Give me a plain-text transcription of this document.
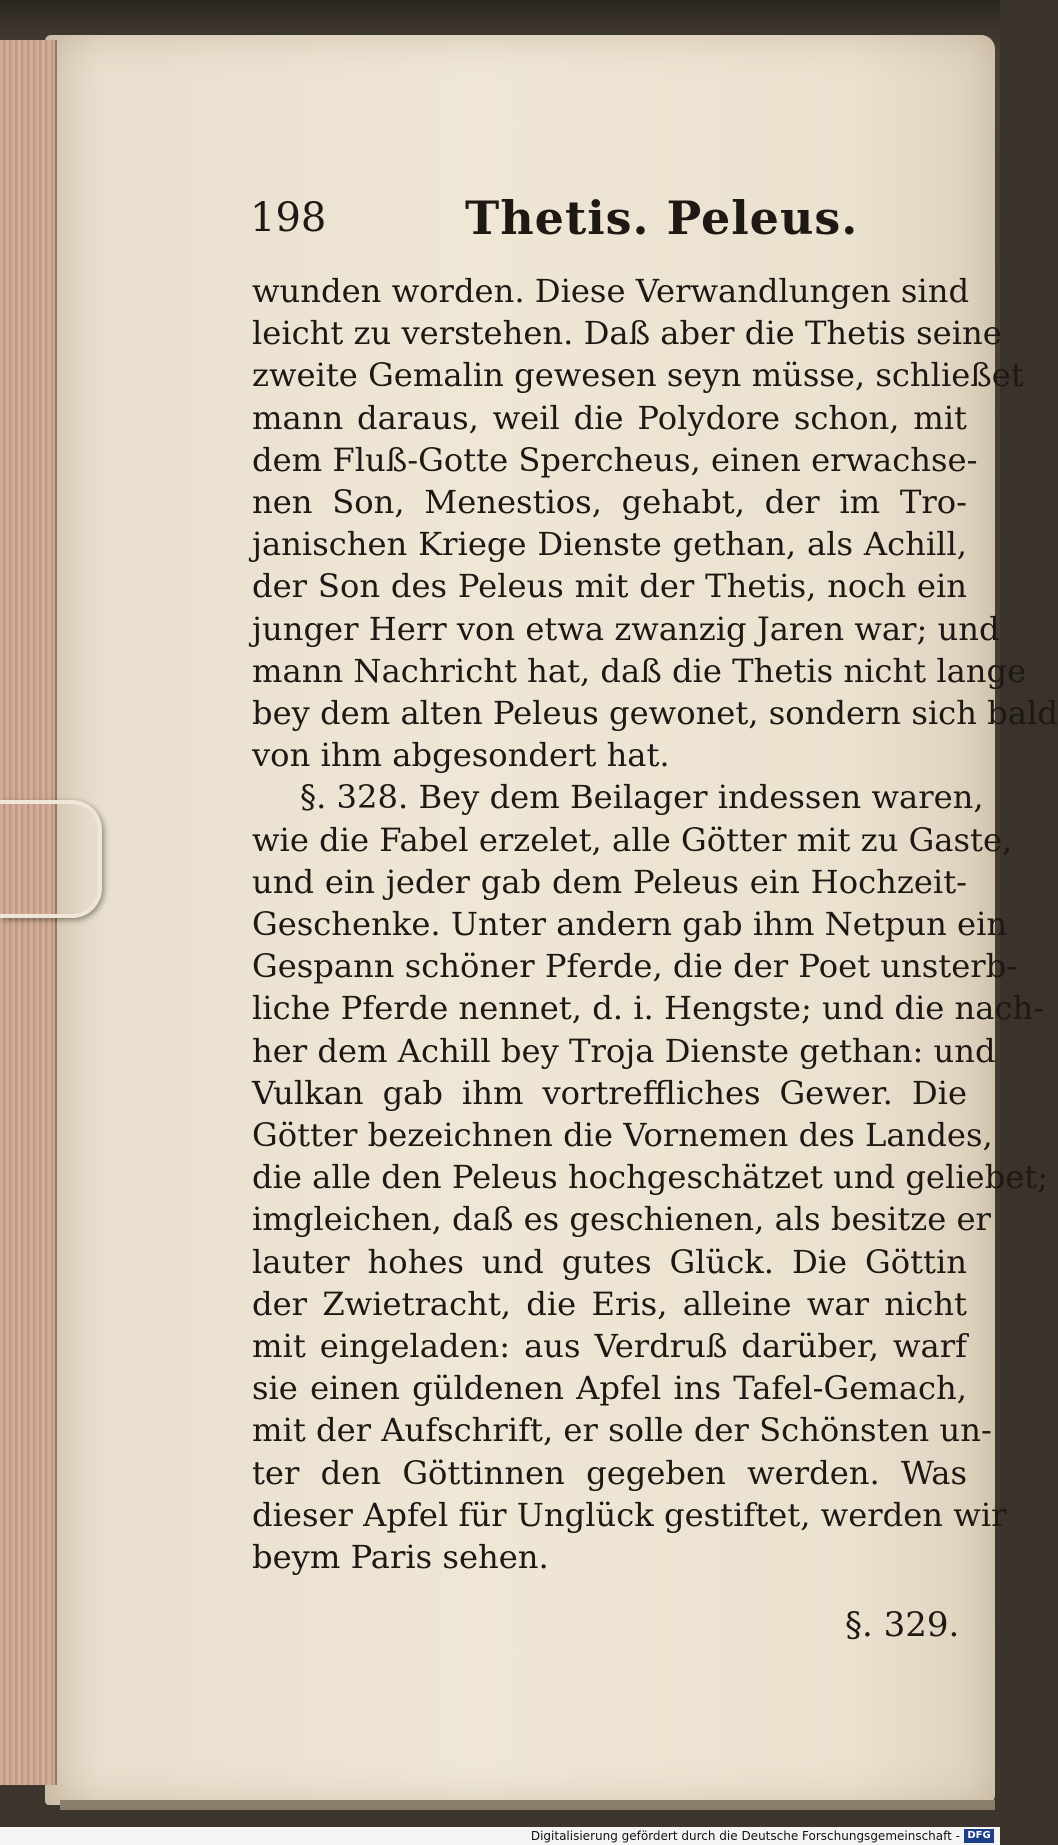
198	Thetis. Peleus.
wunden worden. Diese Verwandlungen sind
leicht zu verstehen. Daß aber die Thetis seine
zweite Gemalin gewesen seyn müsse, schließet
mann daraus, weil die Polydore schon, mit
dem Fluß-Gotte Spercheus, einen erwachse-
nen Son, Menestios, gehabt, der im Tro-
janischen Kriege Dienste gethan, als Achill,
der Son des Peleus mit der Thetis, noch ein
junger Herr von etwa zwanzig Jaren war; und
mann Nachricht hat, daß die Thetis nicht lange
bey dem alten Peleus gewonet, sondern sich bald
von ihm abgesondert hat.
§. 328. Bey dem Beilager indessen waren,
wie die Fabel erzelet, alle Götter mit zu Gaste,
und ein jeder gab dem Peleus ein Hochzeit-
Geschenke. Unter andern gab ihm Netpun ein
Gespann schöner Pferde, die der Poet unsterb-
liche Pferde nennet, d. i. Hengste; und die nach-
her dem Achill bey Troja Dienste gethan: und
Vulkan gab ihm vortreffliches Gewer. Die
Götter bezeichnen die Vornemen des Landes,
die alle den Peleus hochgeschätzet und geliebet;
imgleichen, daß es geschienen, als besitze er
lauter hohes und gutes Glück. Die Göttin
der Zwietracht, die Eris, alleine war nicht
mit eingeladen: aus Verdruß darüber, warf
sie einen güldenen Apfel ins Tafel-Gemach,
mit der Aufschrift, er solle der Schönsten un-
ter den Göttinnen gegeben werden. Was
dieser Apfel für Unglück gestiftet, werden wir
beym Paris sehen.
§. 329.
Digitalisierung gefördert durch die Deutsche Forschungsgemeinschaft - DFG
